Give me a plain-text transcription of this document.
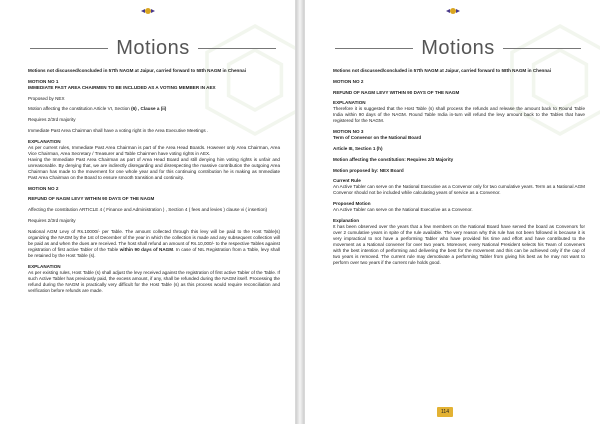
Motions

Motions not discussed/concluded in 57th NAGM at Jaipur, carried forward to 58th NAGM in Chennai

MOTION NO 1

IMMEDIATE PAST AREA CHAIRMEN TO BE INCLUDED AS A VOTING MEMBER IN AEX

Proposed by NEX

Motion affecting the constitution Article VI, Section (6) , Clause a (ii)

Requires 2/3rd majority

Immediate Past Area Chairman shall have a voting right in the Area Executive Meetings .

EXPLANATION

As per current rules, Immediate Past Area Chairman is part of the Area Head Boards. However only Area Chairman, Area Vice Chairman, Area Secretary / Treasurer and Table Chairmen have voting rights in AEX.

Having the Immediate Past Area Chairman as part of Area Head Board and still denying him voting rights is unfair and unreasonable. By denying that, we are indirectly disregarding and disrespecting the massive contribution the outgoing Area Chairman has made to the movement for one whole year and for this continuing contribution he is making as Immediate Past Area Chairman on the Board to ensure smooth transition and continuity.

MOTION NO 2

REFUND OF NAGM LEVY WITHIN 90 DAYS OF THE NAGM

Affecting the constitution ARTICLE 4 ( Finance and Administration ) , Section 4 ( fees and levies ) clause vi ( insertion)

Requires 2/3rd majority

National AGM Levy of Rs.10000/- per Table. The amount collected through this levy will be paid to the Host Table(s) organizing the NAGM by the 1st of December of the year in which the collection is made and any subsequent collection will be paid as and when the dues are received. The host shall refund an amount of Rs.10,000/- to the respective Tables against registration of first active Tabler of the Table within 90 days of NAGM. In case of NIL Registration from a Table, levy shall be retained by the Host Table (s).

EXPLANATION

As per existing rules, Host Table (s) shall adjust the levy received against the registration of first active Tabler of the Table. If such Active Tabler has previously paid, the excess amount, if any, shall be refunded during the NAGM itself. Processing the refund during the NAGM is practically very difficult for the Host Table (s) as this process would require reconciliation and verification before refunds are made.

Motions

Motions not discussed/concluded in 57th NAGM at Jaipur, carried forward to 58th NAGM in Chennai

MOTION NO 2

REFUND OF NAGM LEVY WITHIN 90 DAYS OF THE NAGM

EXPLANATION

Therefore it is suggested that the Host Table (s) shall process the refunds and release the amount back to Round Table India within 90 days of the NAGM. Round Table India in-turn will refund the levy amount back to the Tables that have registered for the NAGM.

MOTION NO 3

Term of Convenor on the National Board

Article III, Section 1 (h)

Motion affecting the constitution: Requires 2/3 Majority

Motion proposed by: NEX Board

Current Rule

An Active Tabler can serve on the National Executive as a Convenor only for two cumulative years. Term as a National AGM Convenor should not be included while calculating years of service as a Convenor.

Proposed Motion

An Active Tabler can serve on the National Executive as a Convenor.

Explanation

It has been observed over the years that a few members on the National Board have served the board as Convenors for over 2 cumulative years in spite of the rule available. The very reason why this rule has not been followed is because it is very impractical to not have a performing Tabler who have provided his time and effort and have contributed to the movement as a National convener for over two years. Moreover, every National President selects his Team of conveners with the best intention of performing and delivering the best for the movement and this can be achieved only if the cap of two years is removed. The current rule may demotivate a performing Tabler from giving his best as he may not want to perform over two years if the current rule holds good.

114
